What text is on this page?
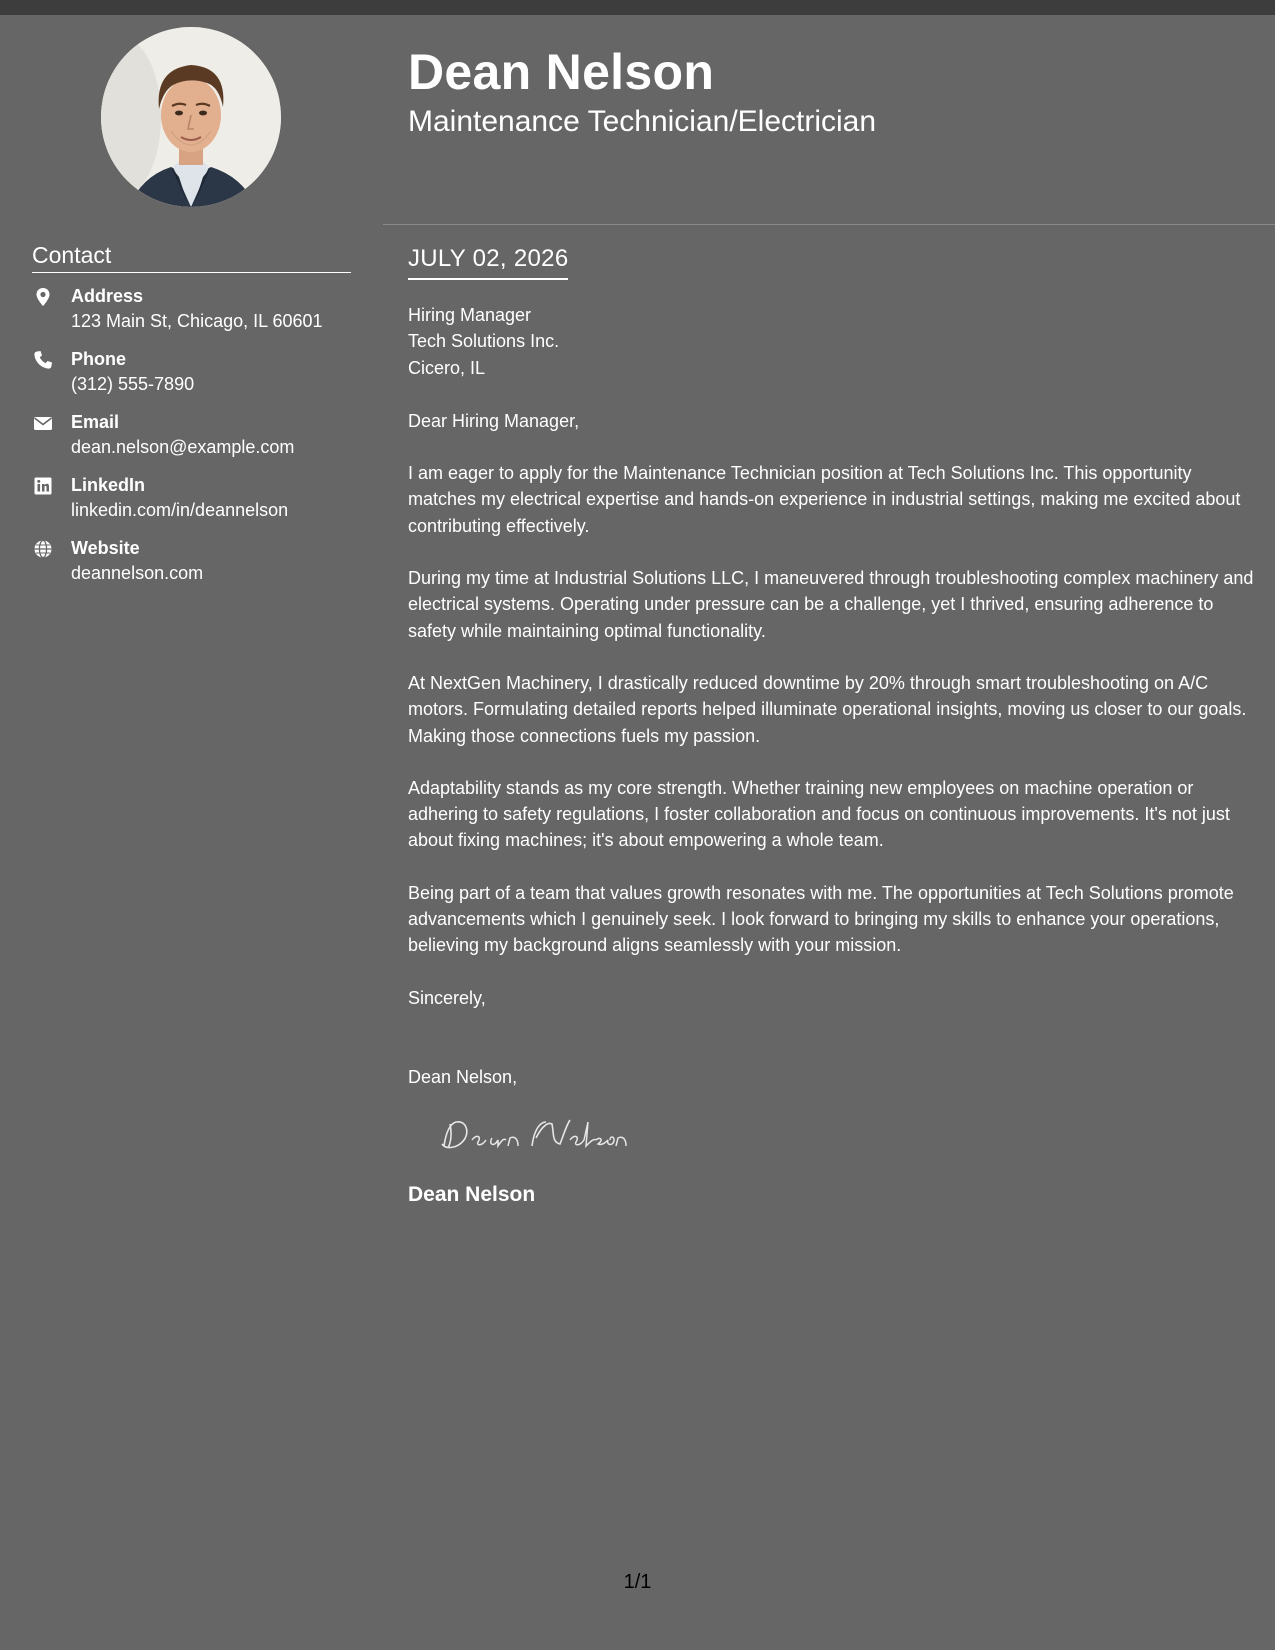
Contact
Address
123 Main St, Chicago, IL 60601
Phone
(312) 555-7890
Email
dean.nelson@example.com
LinkedIn
linkedin.com/in/deannelson
Website
deannelson.com
Dean Nelson
Maintenance Technician/Electrician
JULY 02, 2026
Hiring Manager
Tech Solutions Inc.
Cicero, IL

Dear Hiring Manager,

I am eager to apply for the Maintenance Technician position at Tech Solutions Inc. This opportunity matches my electrical expertise and hands-on experience in industrial settings, making me excited about contributing effectively.

During my time at Industrial Solutions LLC, I maneuvered through troubleshooting complex machinery and electrical systems. Operating under pressure can be a challenge, yet I thrived, ensuring adherence to safety while maintaining optimal functionality.

At NextGen Machinery, I drastically reduced downtime by 20% through smart troubleshooting on A/C motors. Formulating detailed reports helped illuminate operational insights, moving us closer to our goals. Making those connections fuels my passion.

Adaptability stands as my core strength. Whether training new employees on machine operation or adhering to safety regulations, I foster collaboration and focus on continuous improvements. It's not just about fixing machines; it's about empowering a whole team.

Being part of a team that values growth resonates with me. The opportunities at Tech Solutions promote advancements which I genuinely seek. I look forward to bringing my skills to enhance your operations, believing my background aligns seamlessly with your mission.

Sincerely,

Dean Nelson,

Dean Nelson
1/1
